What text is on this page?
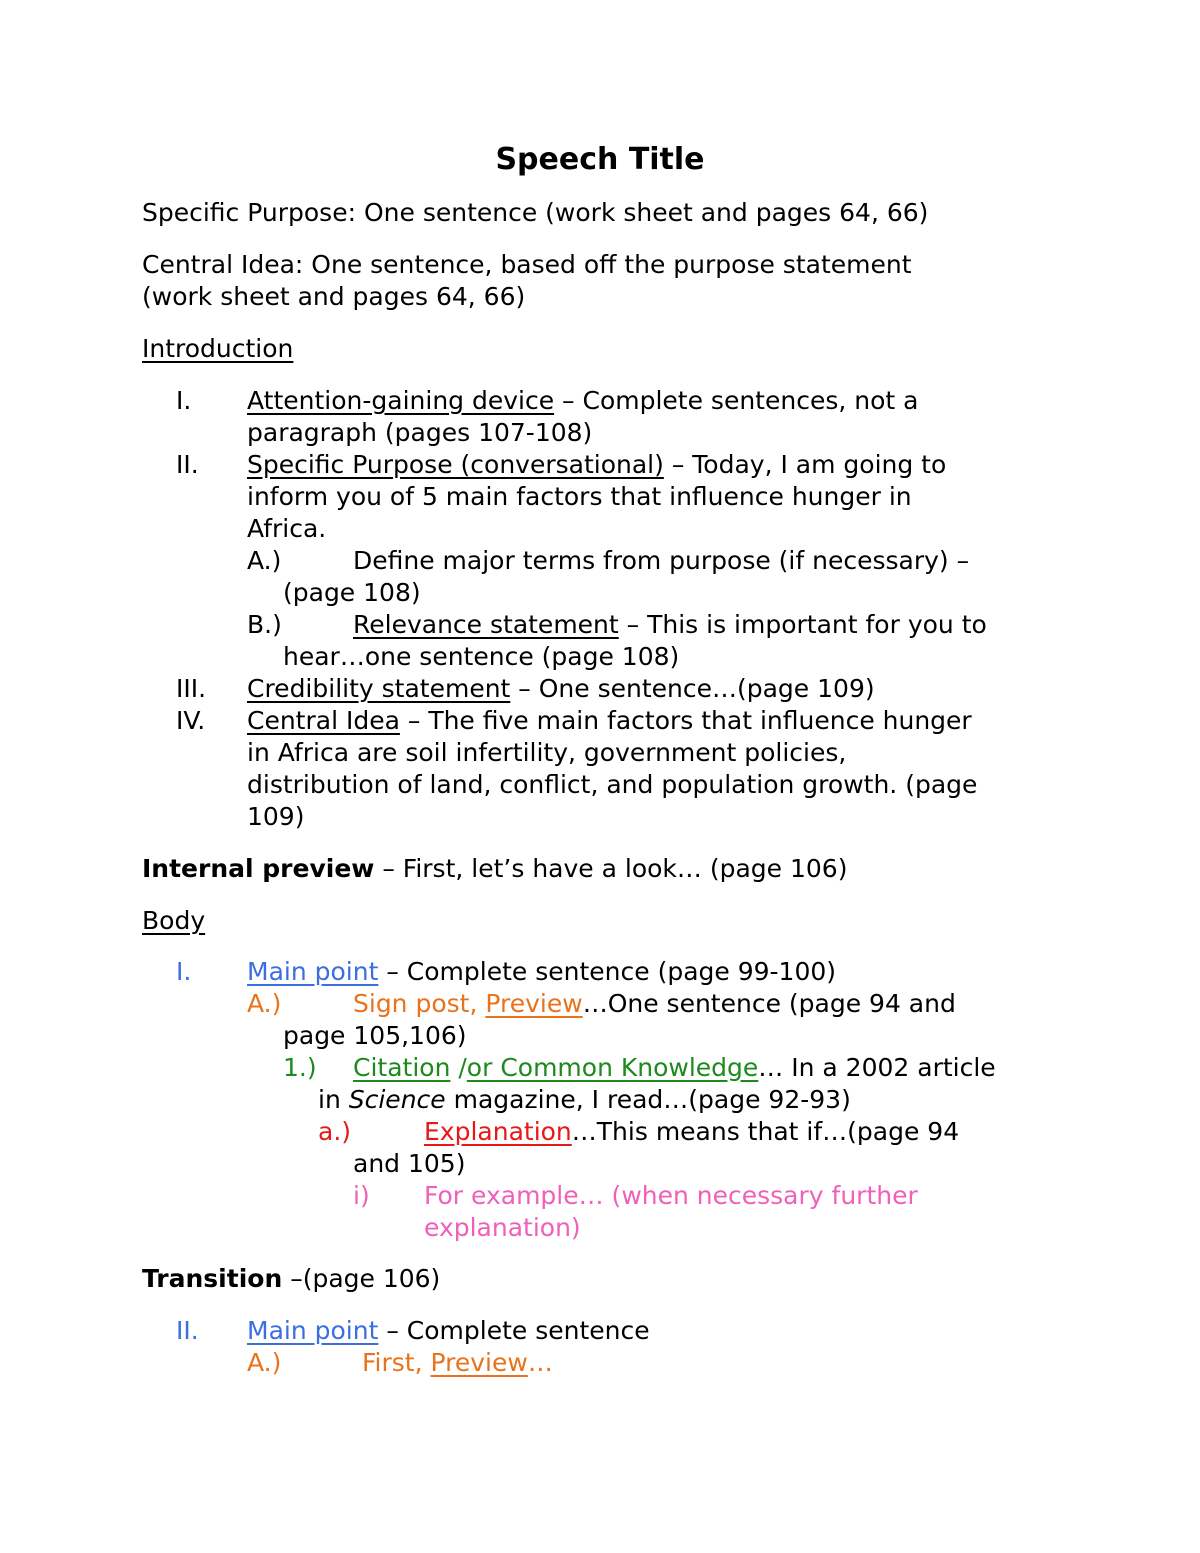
Speech Title
Specific Purpose: One sentence (work sheet and pages 64, 66)
Central Idea: One sentence, based off the purpose statement
(work sheet and pages 64, 66)
Introduction
I. Attention-gaining device – Complete sentences, not a
paragraph (pages 107-108)
II. Specific Purpose (conversational) – Today, I am going to
inform you of 5 main factors that influence hunger in
Africa.
A.)	Define major terms from purpose (if necessary) –
(page 108)
B.)	Relevance statement – This is important for you to
hear…one sentence (page 108)
III. Credibility statement – One sentence…(page 109)
IV. Central Idea – The five main factors that influence hunger
in Africa are soil infertility, government policies,
distribution of land, conflict, and population growth. (page
109)
Internal preview – First, let’s have a look… (page 106)
Body
I. Main point – Complete sentence (page 99-100)
A.)	Sign post, Preview…One sentence (page 94 and
page 105,106)
1.) Citation /or Common Knowledge… In a 2002 article
in Science magazine, I read…(page 92-93)
a.)	Explanation…This means that if…(page 94
and 105)
i) For example… (when necessary further
explanation)
Transition –(page 106)
II. Main point – Complete sentence
A.)	First, Preview…
